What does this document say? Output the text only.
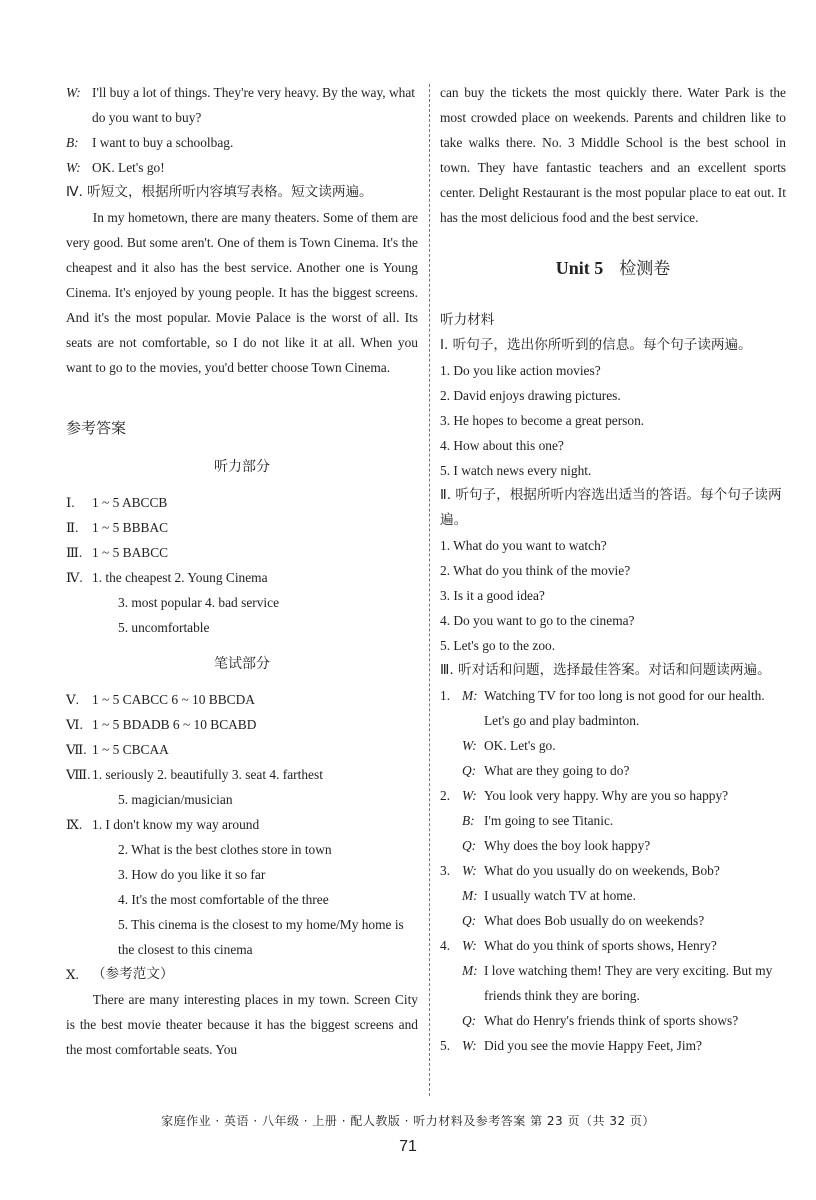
W: I'll buy a lot of things. They're very heavy. By the way, what do you want to buy?
B: I want to buy a schoolbag.
W: OK. Let's go!

Ⅳ. 听短文，根据所听内容填写表格。短文读两遍。

In my hometown, there are many theaters. Some of them are very good. But some aren't. One of them is Town Cinema. It's the cheapest and it also has the best service. Another one is Young Cinema. It's enjoyed by young people. It has the biggest screens. And it's the most popular. Movie Palace is the worst of all. Its seats are not comfortable, so I do not like it at all. When you want to go to the movies, you'd better choose Town Cinema.

参考答案
听力部分
Ⅰ.	1 ~ 5 ABCCB
Ⅱ.	1 ~ 5 BBBAC
Ⅲ. 1 ~ 5 BABCC
Ⅳ. 1. the cheapest 2. Young Cinema
3. most popular 4. bad service
5. uncomfortable
笔试部分
Ⅴ. 1 ~ 5 CABCC 6 ~ 10 BBCDA
Ⅵ. 1 ~ 5 BDADB 6 ~ 10 BCABD
Ⅶ. 1 ~ 5 CBCAA
Ⅷ. 1. seriously 2. beautifully 3. seat 4. farthest
5. magician/musician
Ⅸ. 1. I don't know my way around
2. What is the best clothes store in town
3. How do you like it so far
4. It's the most comfortable of the three
5. This cinema is the closest to my home/My home is the closest to this cinema
Ⅹ. （参考范文）

There are many interesting places in my town. Screen City is the best movie theater because it has the biggest screens and the most comfortable seats. You

can buy the tickets the most quickly there. Water Park is the most crowded place on weekends. Parents and children like to take walks there. No. 3 Middle School is the best school in town. They have fantastic teachers and an excellent sports center. Delight Restaurant is the most popular place to eat out. It has the most delicious food and the best service.

Unit 5 检测卷

听力材料

Ⅰ. 听句子，选出你所听到的信息。每个句子读两遍。

1. Do you like action movies?
2. David enjoys drawing pictures.
3. He hopes to become a great person.
4. How about this one?
5. I watch news every night.

Ⅱ. 听句子，根据所听内容选出适当的答语。每个句子读两遍。

1. What do you want to watch?
2. What do you think of the movie?
3. Is it a good idea?
4. Do you want to go to the cinema?
5. Let's go to the zoo.

Ⅲ. 听对话和问题，选择最佳答案。对话和问题读两遍。

1. M: Watching TV for too long is not good for our health. Let's go and play badminton.
W: OK. Let's go.
Q: What are they going to do?
2. W: You look very happy. Why are you so happy?
B: I'm going to see Titanic.
Q: Why does the boy look happy?
3. W: What do you usually do on weekends, Bob?
M: I usually watch TV at home.
Q: What does Bob usually do on weekends?
4. W: What do you think of sports shows, Henry?
M: I love watching them! They are very exciting. But my friends think they are boring.
Q: What do Henry's friends think of sports shows?
5. W: Did you see the movie Happy Feet, Jim?
家庭作业 · 英语 · 八年级 · 上册 · 配人教版 · 听力材料及参考答案 第 23 页（共 32 页）
71
